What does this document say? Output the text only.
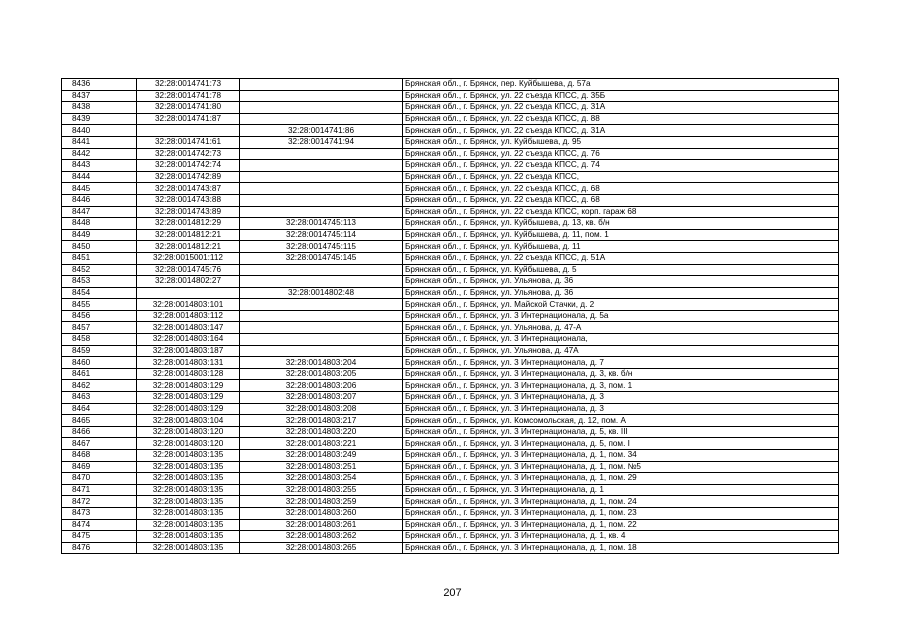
8436	32:28:0014741:73		Брянская обл., г. Брянск, пер. Куйбышева, д. 57а
8437	32:28:0014741:78		Брянская обл., г. Брянск, ул. 22 съезда КПСС, д. 35Б
8438	32:28:0014741:80		Брянская обл., г. Брянск, ул. 22 съезда КПСС, д. 31А
8439	32:28:0014741:87		Брянская обл., г. Брянск, ул. 22 съезда КПСС, д. 88
8440		32:28:0014741:86	Брянская обл., г. Брянск, ул. 22 съезда КПСС, д. 31А
8441	32:28:0014741:61	32:28:0014741:94	Брянская обл., г. Брянск, ул. Куйбышева, д. 95
8442	32:28:0014742:73		Брянская обл., г. Брянск, ул. 22 съезда КПСС, д. 76
8443	32:28:0014742:74		Брянская обл., г. Брянск, ул. 22 съезда КПСС, д. 74
8444	32:28:0014742:89		Брянская обл., г. Брянск, ул. 22 съезда КПСС,
8445	32:28:0014743:87		Брянская обл., г. Брянск, ул. 22 съезда КПСС, д. 68
8446	32:28:0014743:88		Брянская обл., г. Брянск, ул. 22 съезда КПСС, д. 68
8447	32:28:0014743:89		Брянская обл., г. Брянск, ул. 22 съезда КПСС, корп. гараж 68
8448	32:28:0014812:29	32:28:0014745:113	Брянская обл., г. Брянск, ул. Куйбышева, д. 13, кв. б/н
8449	32:28:0014812:21	32:28:0014745:114	Брянская обл., г. Брянск, ул. Куйбышева, д. 11, пом. 1
8450	32:28:0014812:21	32:28:0014745:115	Брянская обл., г. Брянск, ул. Куйбышева, д. 11
8451	32:28:0015001:112	32:28:0014745:145	Брянская обл., г. Брянск, ул. 22 съезда КПСС, д. 51А
8452	32:28:0014745:76		Брянская обл., г. Брянск, ул. Куйбышева, д. 5
8453	32:28:0014802:27		Брянская обл., г. Брянск, ул. Ульянова, д. 36
8454		32:28:0014802:48	Брянская обл., г. Брянск, ул. Ульянова, д. 36
8455	32:28:0014803:101		Брянская обл., г. Брянск, ул. Майской Стачки, д. 2
8456	32:28:0014803:112		Брянская обл., г. Брянск, ул. 3 Интернационала, д. 5а
8457	32:28:0014803:147		Брянская обл., г. Брянск, ул. Ульянова, д. 47-А
8458	32:28:0014803:164		Брянская обл., г. Брянск, ул. 3 Интернационала,
8459	32:28:0014803:187		Брянская обл., г. Брянск, ул. Ульянова, д. 47А
8460	32:28:0014803:131	32:28:0014803:204	Брянская обл., г. Брянск, ул. 3 Интернационала, д. 7
8461	32:28:0014803:128	32:28:0014803:205	Брянская обл., г. Брянск, ул. 3 Интернационала, д. 3, кв. б/н
8462	32:28:0014803:129	32:28:0014803:206	Брянская обл., г. Брянск, ул. 3 Интернационала, д. 3, пом. 1
8463	32:28:0014803:129	32:28:0014803:207	Брянская обл., г. Брянск, ул. 3 Интернационала, д. 3
8464	32:28:0014803:129	32:28:0014803:208	Брянская обл., г. Брянск, ул. 3 Интернационала, д. 3
8465	32:28:0014803:104	32:28:0014803:217	Брянская обл., г. Брянск, ул. Комсомольская, д. 12, пом. А
8466	32:28:0014803:120	32:28:0014803:220	Брянская обл., г. Брянск, ул. 3 Интернационала, д. 5, кв. III
8467	32:28:0014803:120	32:28:0014803:221	Брянская обл., г. Брянск, ул. 3 Интернационала, д. 5, пом. I
8468	32:28:0014803:135	32:28:0014803:249	Брянская обл., г. Брянск, ул. 3 Интернационала, д. 1, пом. 34
8469	32:28:0014803:135	32:28:0014803:251	Брянская обл., г. Брянск, ул. 3 Интернационала, д. 1, пом. №5
8470	32:28:0014803:135	32:28:0014803:254	Брянская обл., г. Брянск, ул. 3 Интернационала, д. 1, пом. 29
8471	32:28:0014803:135	32:28:0014803:255	Брянская обл., г. Брянск, ул. 3 Интернационала, д. 1
8472	32:28:0014803:135	32:28:0014803:259	Брянская обл., г. Брянск, ул. 3 Интернационала, д. 1, пом. 24
8473	32:28:0014803:135	32:28:0014803:260	Брянская обл., г. Брянск, ул. 3 Интернационала, д. 1, пом. 23
8474	32:28:0014803:135	32:28:0014803:261	Брянская обл., г. Брянск, ул. 3 Интернационала, д. 1, пом. 22
8475	32:28:0014803:135	32:28:0014803:262	Брянская обл., г. Брянск, ул. 3 Интернационала, д. 1, кв. 4
8476	32:28:0014803:135	32:28:0014803:265	Брянская обл., г. Брянск, ул. 3 Интернационала, д. 1, пом. 18
207
